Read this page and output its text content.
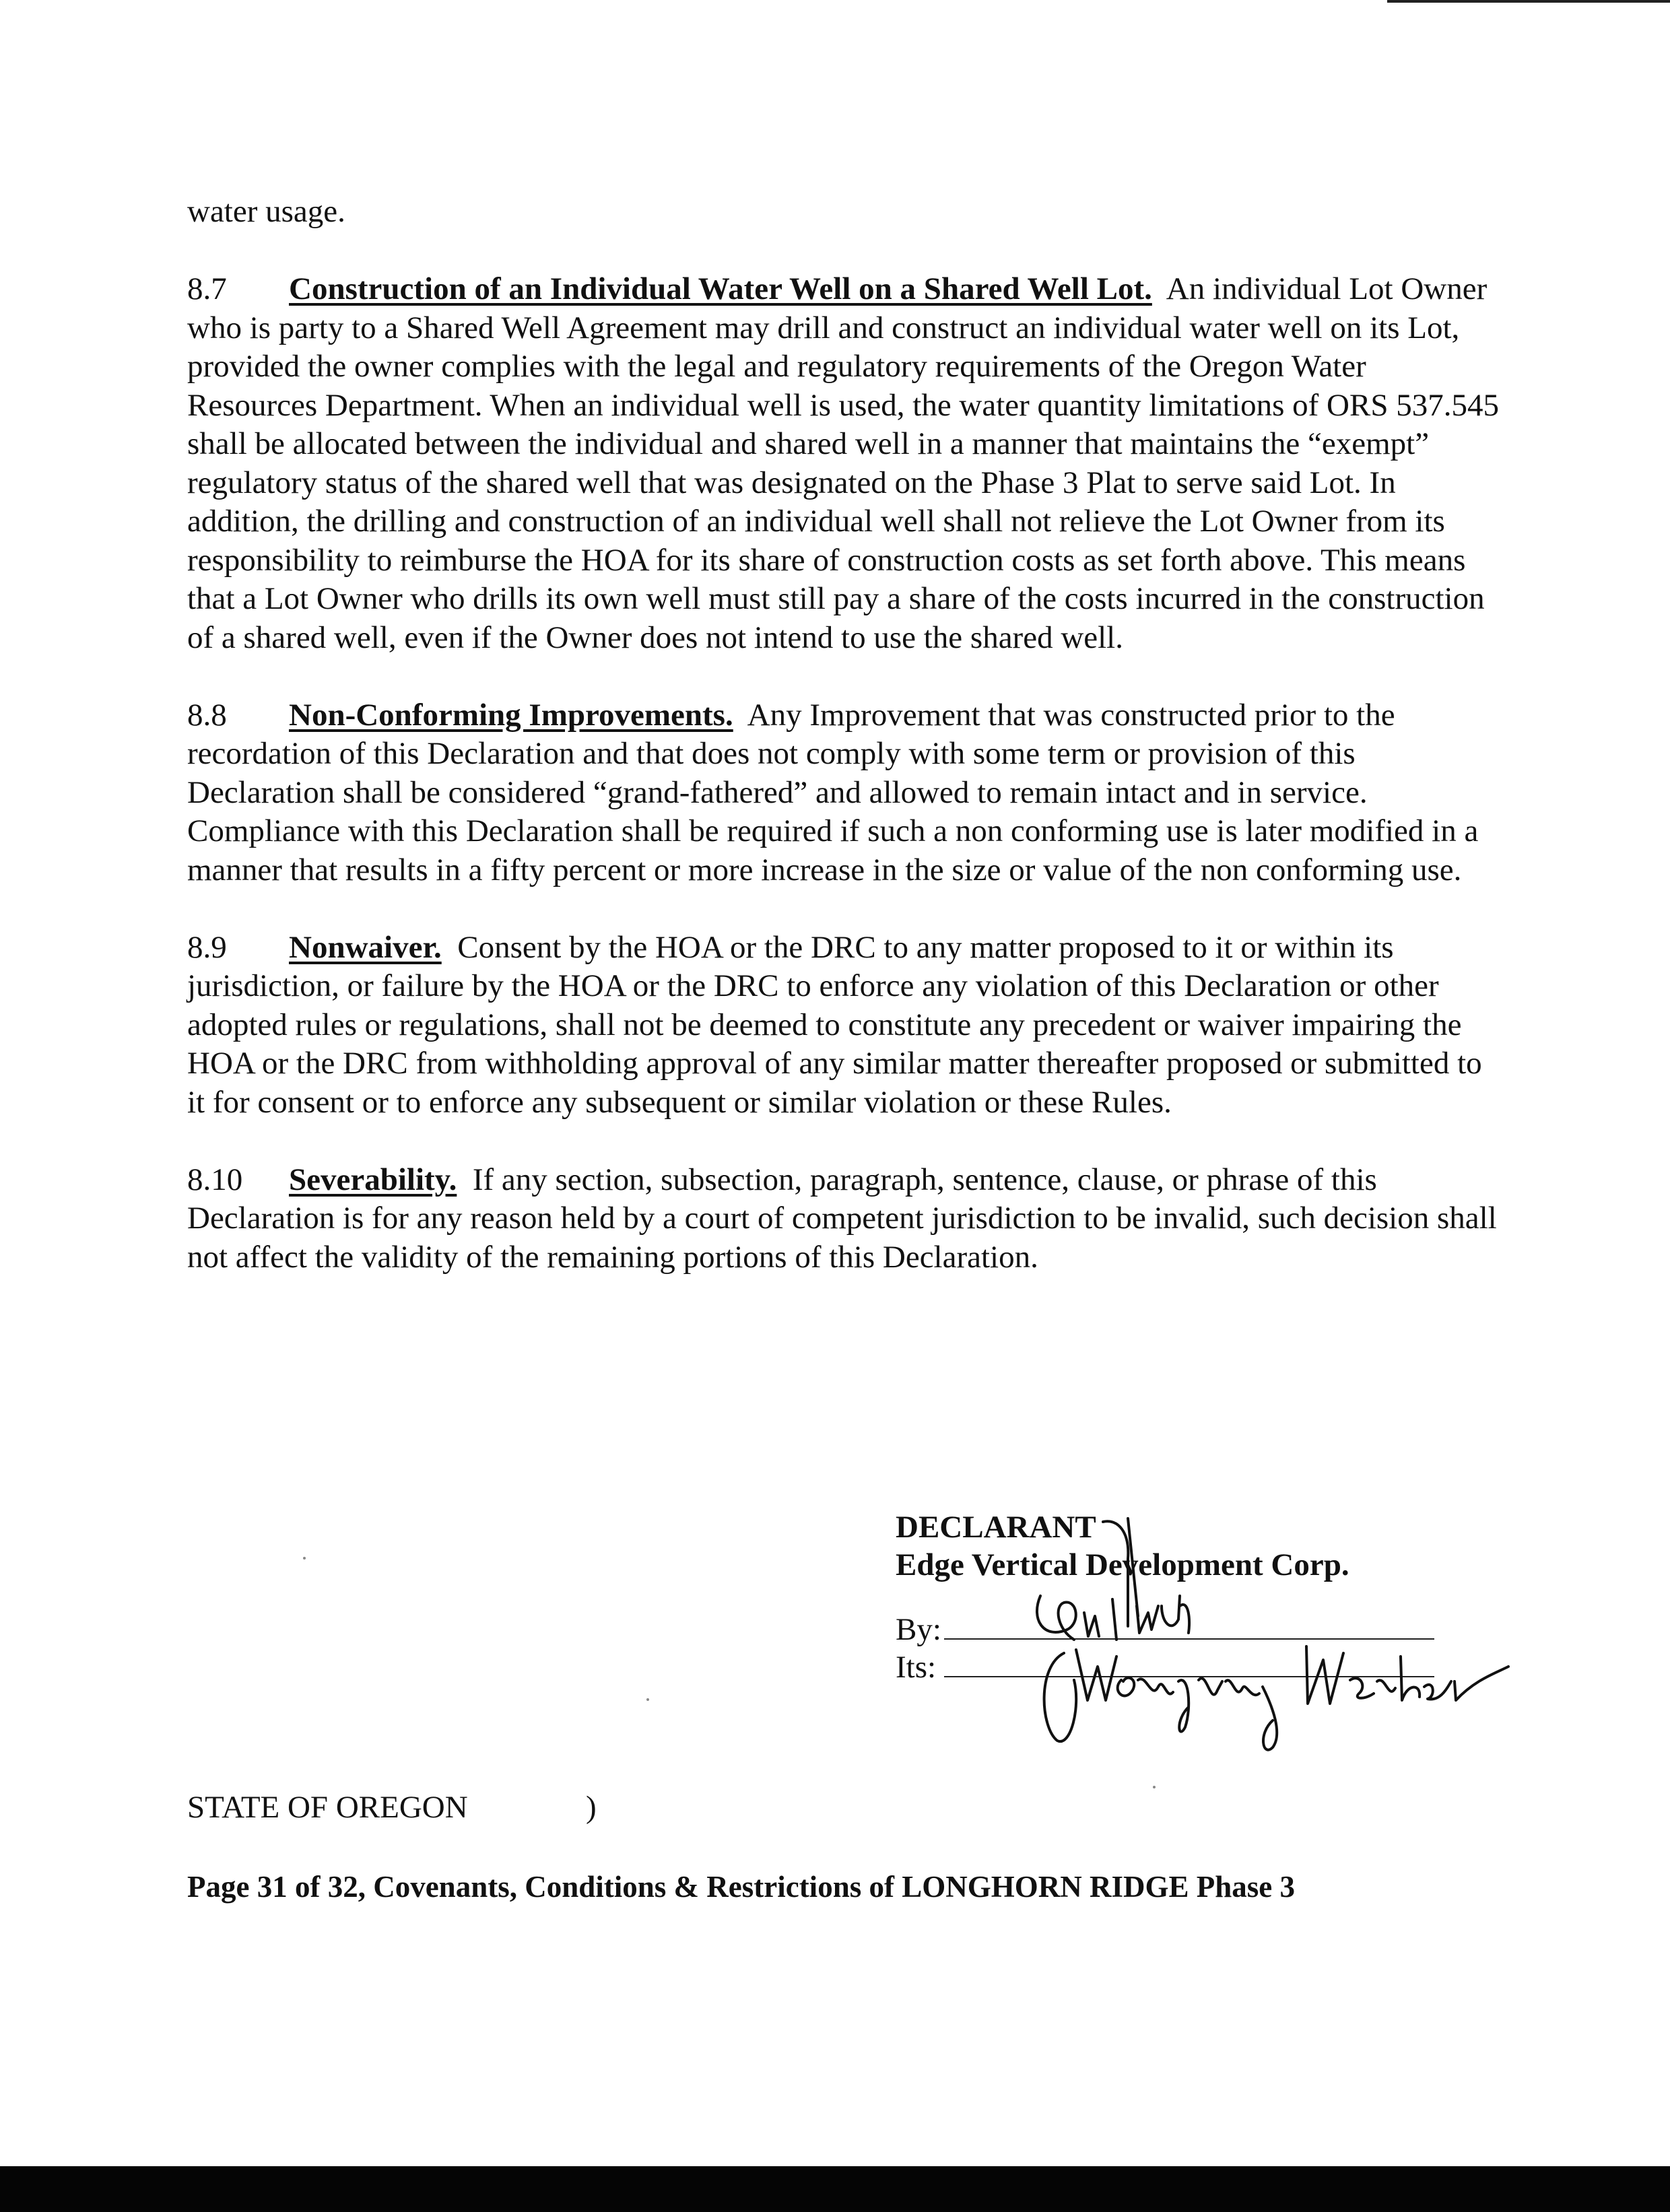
water usage.

8.7 Construction of an Individual Water Well on a Shared Well Lot. An individual Lot Owner who is party to a Shared Well Agreement may drill and construct an individual water well on its Lot, provided the owner complies with the legal and regulatory requirements of the Oregon Water Resources Department. When an individual well is used, the water quantity limitations of ORS 537.545 shall be allocated between the individual and shared well in a manner that maintains the “exempt” regulatory status of the shared well that was designated on the Phase 3 Plat to serve said Lot. In addition, the drilling and construction of an individual well shall not relieve the Lot Owner from its responsibility to reimburse the HOA for its share of construction costs as set forth above. This means that a Lot Owner who drills its own well must still pay a share of the costs incurred in the construction of a shared well, even if the Owner does not intend to use the shared well.

8.8 Non-Conforming Improvements. Any Improvement that was constructed prior to the recordation of this Declaration and that does not comply with some term or provision of this Declaration shall be considered “grand-fathered” and allowed to remain intact and in service. Compliance with this Declaration shall be required if such a non conforming use is later modified in a manner that results in a fifty percent or more increase in the size or value of the non conforming use.

8.9 Nonwaiver. Consent by the HOA or the DRC to any matter proposed to it or within its jurisdiction, or failure by the HOA or the DRC to enforce any violation of this Declaration or other adopted rules or regulations, shall not be deemed to constitute any precedent or waiver impairing the HOA or the DRC from withholding approval of any similar matter thereafter proposed or submitted to it for consent or to enforce any subsequent or similar violation or these Rules.

8.10 Severability. If any section, subsection, paragraph, sentence, clause, or phrase of this Declaration is for any reason held by a court of competent jurisdiction to be invalid, such decision shall not affect the validity of the remaining portions of this Declaration.

DECLARANT
Edge Vertical Development Corp.
By:
Its:
STATE OF OREGON	)
Page 31 of 32, Covenants, Conditions & Restrictions of LONGHORN RIDGE Phase 3
